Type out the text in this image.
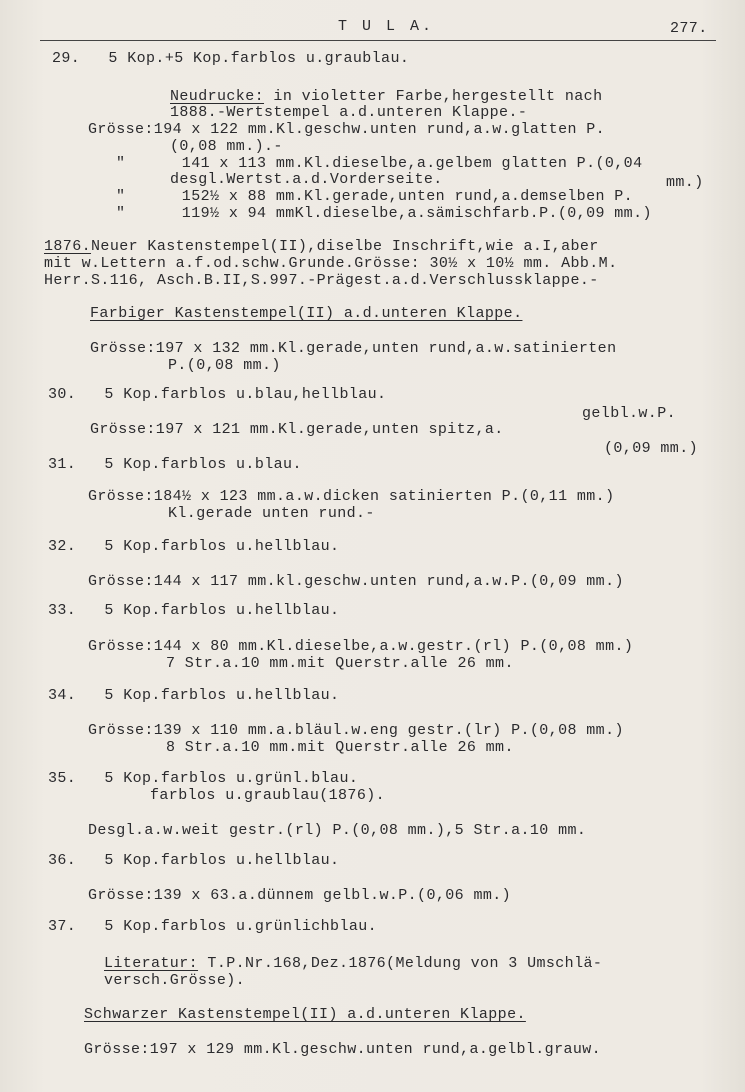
T U L A.	277.
29.   5 Kop.+5 Kop.farblos u.graublau.
Neudrucke: in violetter Farbe,hergestellt nach
1888.-Wertstempel a.d.unteren Klappe.-
Grösse:194 x 122 mm.Kl.geschw.unten rund,a.w.glatten P.
(0,08 mm.).-
"      141 x 113 mm.Kl.dieselbe,a.gelbem glatten P.(0,04
desgl.Wertst.a.d.Vorderseite.	mm.)
"      152½ x 88 mm.Kl.gerade,unten rund,a.demselben P.
"      119½ x 94 mmKl.dieselbe,a.sämischfarb.P.(0,09 mm.)
1876.Neuer Kastenstempel(II),diselbe Inschrift,wie a.I,aber
mit w.Lettern a.f.od.schw.Grunde.Grösse: 30½ x 10½ mm. Abb.M.
Herr.S.116, Asch.B.II,S.997.-Prägest.a.d.Verschlussklappe.-
Farbiger Kastenstempel(II) a.d.unteren Klappe.
Grösse:197 x 132 mm.Kl.gerade,unten rund,a.w.satinierten
P.(0,08 mm.)
30.   5 Kop.farblos u.blau,hellblau.
gelbl.w.P.
Grösse:197 x 121 mm.Kl.gerade,unten spitz,a.
(0,09 mm.)
31.   5 Kop.farblos u.blau.
Grösse:184½ x 123 mm.a.w.dicken satinierten P.(0,11 mm.)
Kl.gerade unten rund.-
32.   5 Kop.farblos u.hellblau.
Grösse:144 x 117 mm.kl.geschw.unten rund,a.w.P.(0,09 mm.)
33.   5 Kop.farblos u.hellblau.
Grösse:144 x 80 mm.Kl.dieselbe,a.w.gestr.(rl) P.(0,08 mm.)
7 Str.a.10 mm.mit Querstr.alle 26 mm.
34.   5 Kop.farblos u.hellblau.
Grösse:139 x 110 mm.a.bläul.w.eng gestr.(lr) P.(0,08 mm.)
8 Str.a.10 mm.mit Querstr.alle 26 mm.
35.   5 Kop.farblos u.grünl.blau.
farblos u.graublau(1876).
Desgl.a.w.weit gestr.(rl) P.(0,08 mm.),5 Str.a.10 mm.
36.   5 Kop.farblos u.hellblau.
Grösse:139 x 63.a.dünnem gelbl.w.P.(0,06 mm.)
37.   5 Kop.farblos u.grünlichblau.
Literatur: T.P.Nr.168,Dez.1876(Meldung von 3 Umschlä-
versch.Grösse).
Schwarzer Kastenstempel(II) a.d.unteren Klappe.
Grösse:197 x 129 mm.Kl.geschw.unten rund,a.gelbl.grauw.
